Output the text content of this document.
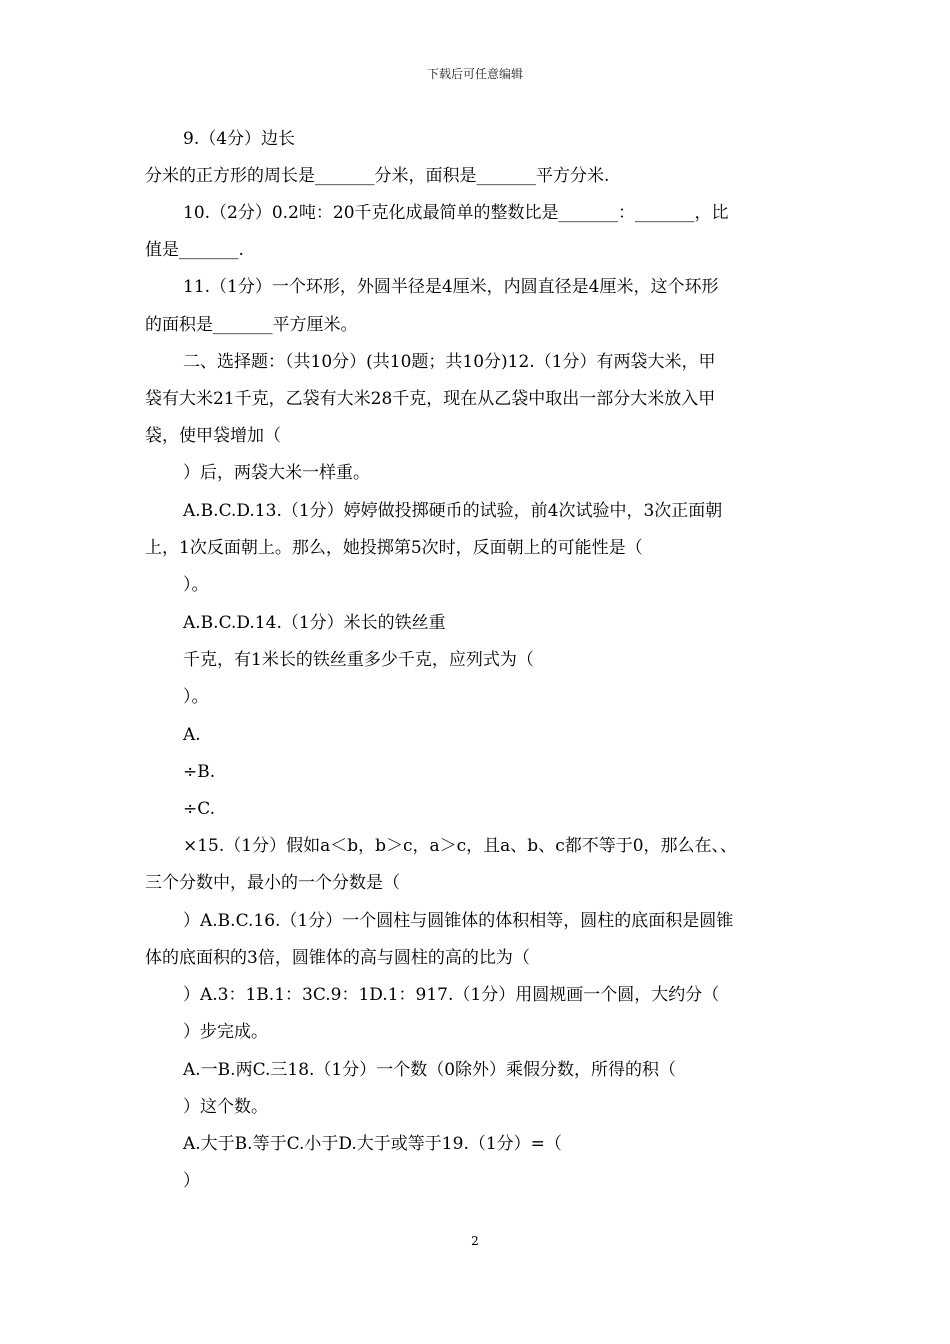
下载后可任意编辑
9.（4分）边长
分米的正方形的周长是_______分米，面积是_______平方分米.
10.（2分）0.2吨：20千克化成最简单的整数比是_______：_______，比
值是_______.
11.（1分）一个环形，外圆半径是4厘米，内圆直径是4厘米，这个环形
的面积是_______平方厘米。
二、选择题：（共10分）(共10题；共10分)12.（1分）有两袋大米，甲
袋有大米21千克，乙袋有大米28千克，现在从乙袋中取出一部分大米放入甲
袋，使甲袋增加（
）后，两袋大米一样重。
A.B.C.D.13.（1分）婷婷做投掷硬币的试验，前4次试验中，3次正面朝
上，1次反面朝上。那么，她投掷第5次时，反面朝上的可能性是（
）。
A.B.C.D.14.（1分）米长的铁丝重
千克，有1米长的铁丝重多少千克，应列式为（
）。
A.
÷B.
÷C.
×15.（1分）假如a＜b，b＞c，a＞c，且a、b、c都不等于0，那么在、、
三个分数中，最小的一个分数是（
）A.B.C.16.（1分）一个圆柱与圆锥体的体积相等，圆柱的底面积是圆锥
体的底面积的3倍，圆锥体的高与圆柱的高的比为（
）A.3：1B.1：3C.9：1D.1：917.（1分）用圆规画一个圆，大约分（
）步完成。
A.一B.两C.三18.（1分）一个数（0除外）乘假分数，所得的积（
）这个数。
A.大于B.等于C.小于D.大于或等于19.（1分）=（
）
2
